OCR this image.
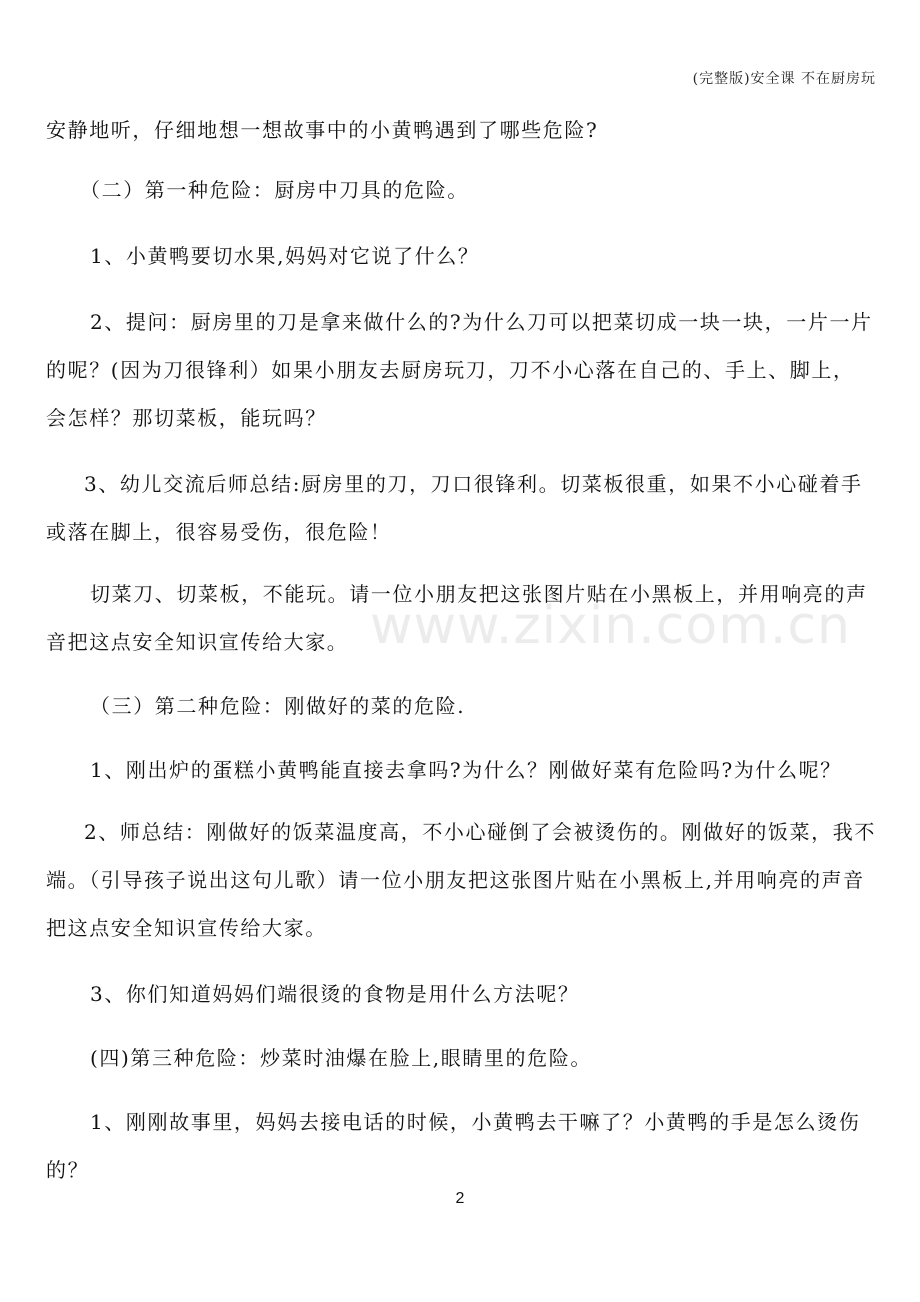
(完整版)安全课 不在厨房玩
www.zixin.com.cn

安静地听，仔细地想一想故事中的小黄鸭遇到了哪些危险?

（二）第一种危险：厨房中刀具的危险。

1、小黄鸭要切水果,妈妈对它说了什么？

2、提问：厨房里的刀是拿来做什么的?为什么刀可以把菜切成一块一块，一片一片的呢？(因为刀很锋利）如果小朋友去厨房玩刀，刀不小心落在自己的、手上、脚上，会怎样？那切菜板，能玩吗？

3、幼儿交流后师总结:厨房里的刀，刀口很锋利。切菜板很重，如果不小心碰着手或落在脚上，很容易受伤，很危险！

切菜刀、切菜板，不能玩。请一位小朋友把这张图片贴在小黑板上，并用响亮的声音把这点安全知识宣传给大家。

（三）第二种危险：刚做好的菜的危险.

1、刚出炉的蛋糕小黄鸭能直接去拿吗?为什么？刚做好菜有危险吗?为什么呢？

2、师总结：刚做好的饭菜温度高，不小心碰倒了会被烫伤的。刚做好的饭菜，我不端。（引导孩子说出这句儿歌）请一位小朋友把这张图片贴在小黑板上,并用响亮的声音把这点安全知识宣传给大家。

3、你们知道妈妈们端很烫的食物是用什么方法呢？

(四)第三种危险：炒菜时油爆在脸上,眼睛里的危险。

1、刚刚故事里，妈妈去接电话的时候，小黄鸭去干嘛了？小黄鸭的手是怎么烫伤的？

2
